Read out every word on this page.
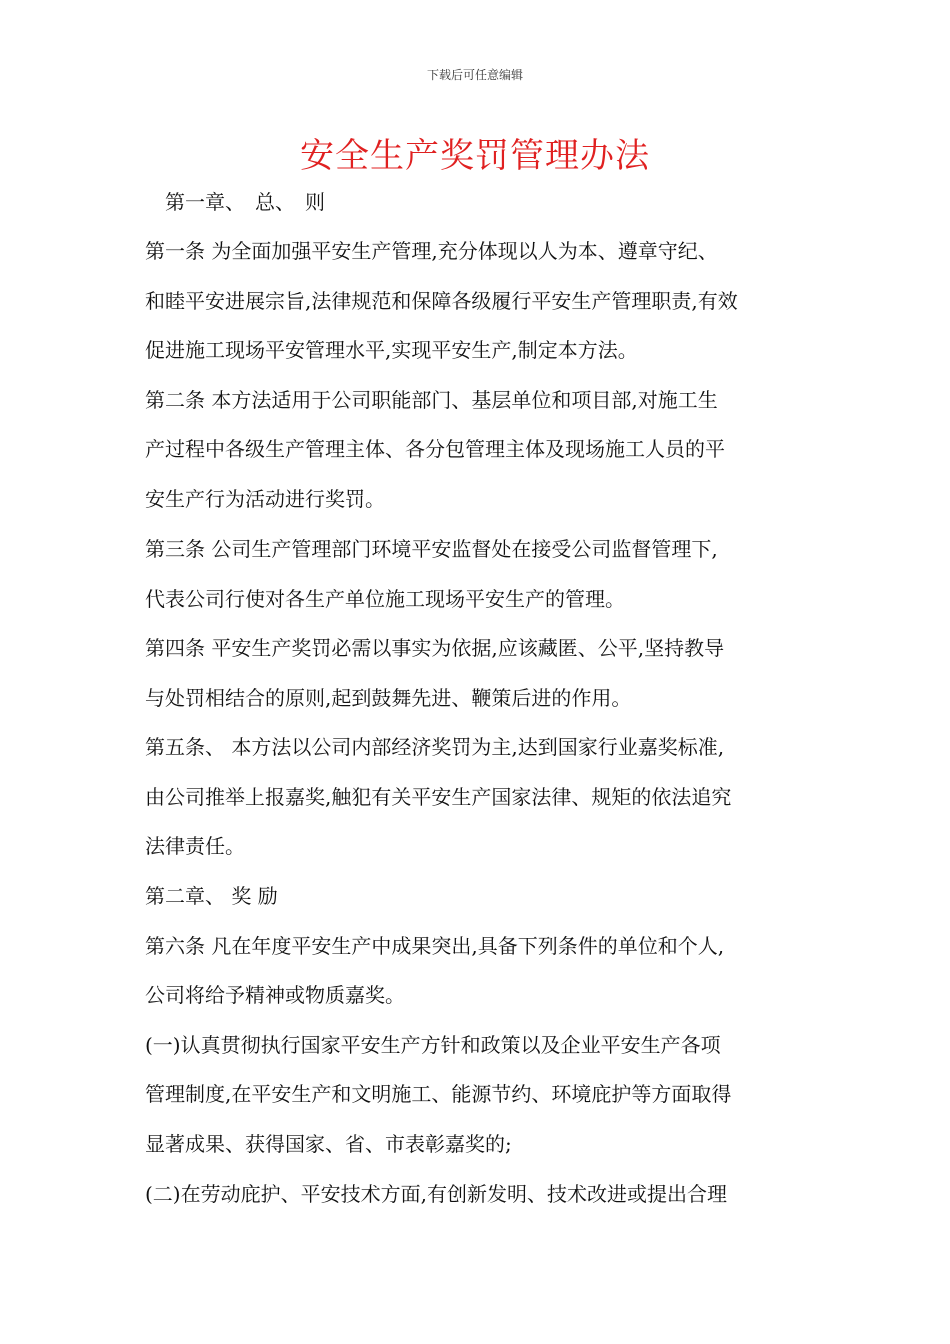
下载后可任意编辑
安全生产奖罚管理办法
　第一章、　总、　则
第一条 为全面加强平安生产管理,充分体现以人为本、遵章守纪、
和睦平安进展宗旨,法律规范和保障各级履行平安生产管理职责,有效
促进施工现场平安管理水平,实现平安生产,制定本方法。
第二条 本方法适用于公司职能部门、基层单位和项目部,对施工生
产过程中各级生产管理主体、各分包管理主体及现场施工人员的平
安生产行为活动进行奖罚。
第三条 公司生产管理部门环境平安监督处在接受公司监督管理下,
代表公司行使对各生产单位施工现场平安生产的管理。
第四条 平安生产奖罚必需以事实为依据,应该藏匿、公平,坚持教导
与处罚相结合的原则,起到鼓舞先进、鞭策后进的作用。
第五条、 本方法以公司内部经济奖罚为主,达到国家行业嘉奖标准,
由公司推举上报嘉奖,触犯有关平安生产国家法律、规矩的依法追究
法律责任。
第二章、 奖 励
第六条 凡在年度平安生产中成果突出,具备下列条件的单位和个人,
公司将给予精神或物质嘉奖。
(一)认真贯彻执行国家平安生产方针和政策以及企业平安生产各项
管理制度,在平安生产和文明施工、能源节约、环境庇护等方面取得
显著成果、获得国家、省、市表彰嘉奖的;
(二)在劳动庇护、平安技术方面,有创新发明、技术改进或提出合理
